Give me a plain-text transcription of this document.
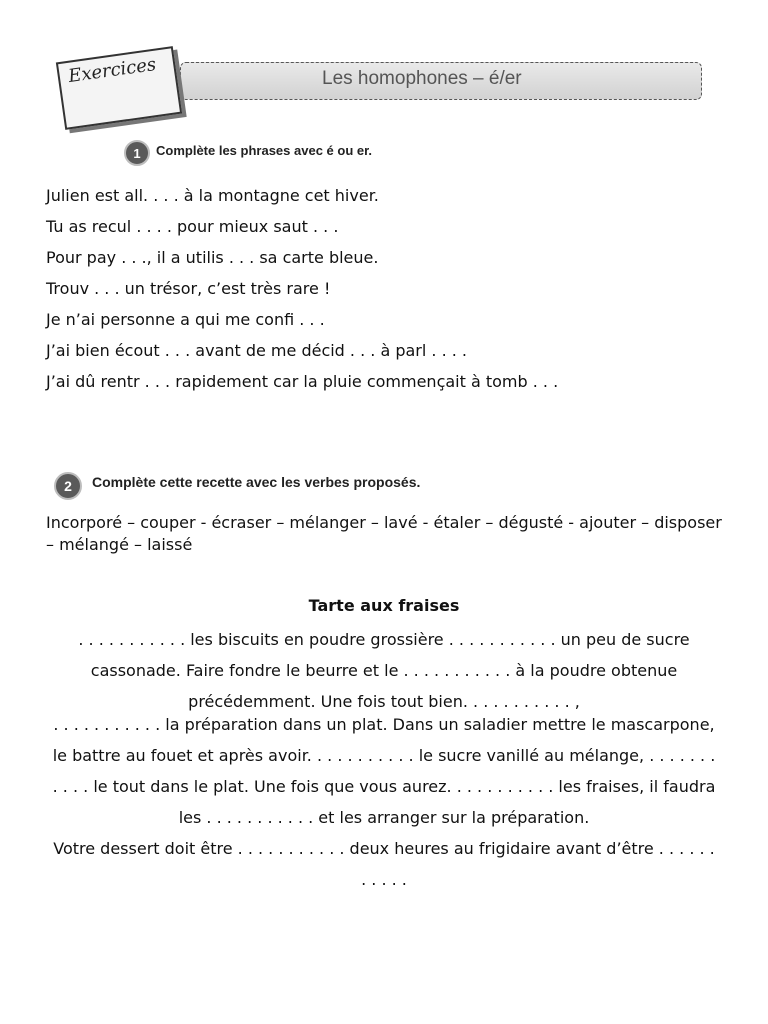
Les homophones – é/er
Exercices
1	Complète les phrases avec é ou er.
Julien est all. . . . à la montagne cet hiver.
Tu as recul . . . . pour mieux saut . . .
Pour pay . . ., il a utilis . . . sa carte bleue.
Trouv . . . un trésor, c’est très rare !
Je n’ai personne a qui me confi . . .
J’ai bien écout . . . avant de me décid . . . à parl . . . .
J’ai dû rentr . . . rapidement car la pluie commençait à tomb . . .
2	Complète cette recette avec les verbes proposés.
Incorporé – couper - écraser – mélanger – lavé - étaler – dégusté - ajouter – disposer – mélangé – laissé
Tarte aux fraises

. . . . . . . . . . . les biscuits en poudre grossière . . . . . . . . . . . un peu de sucre cassonade. Faire fondre le beurre et le . . . . . . . . . . . à la poudre obtenue précédemment. Une fois tout bien. . . . . . . . . . . ,

. . . . . . . . . . . la préparation dans un plat. Dans un saladier mettre le mascarpone, le battre au fouet et après avoir. . . . . . . . . . . le sucre vanillé au mélange, . . . . . . . . . . . le tout dans le plat. Une fois que vous aurez. . . . . . . . . . . les fraises, il faudra les . . . . . . . . . . . et les arranger sur la préparation.

Votre dessert doit être . . . . . . . . . . . deux heures au frigidaire avant d’être . . . . . . . . . . .
